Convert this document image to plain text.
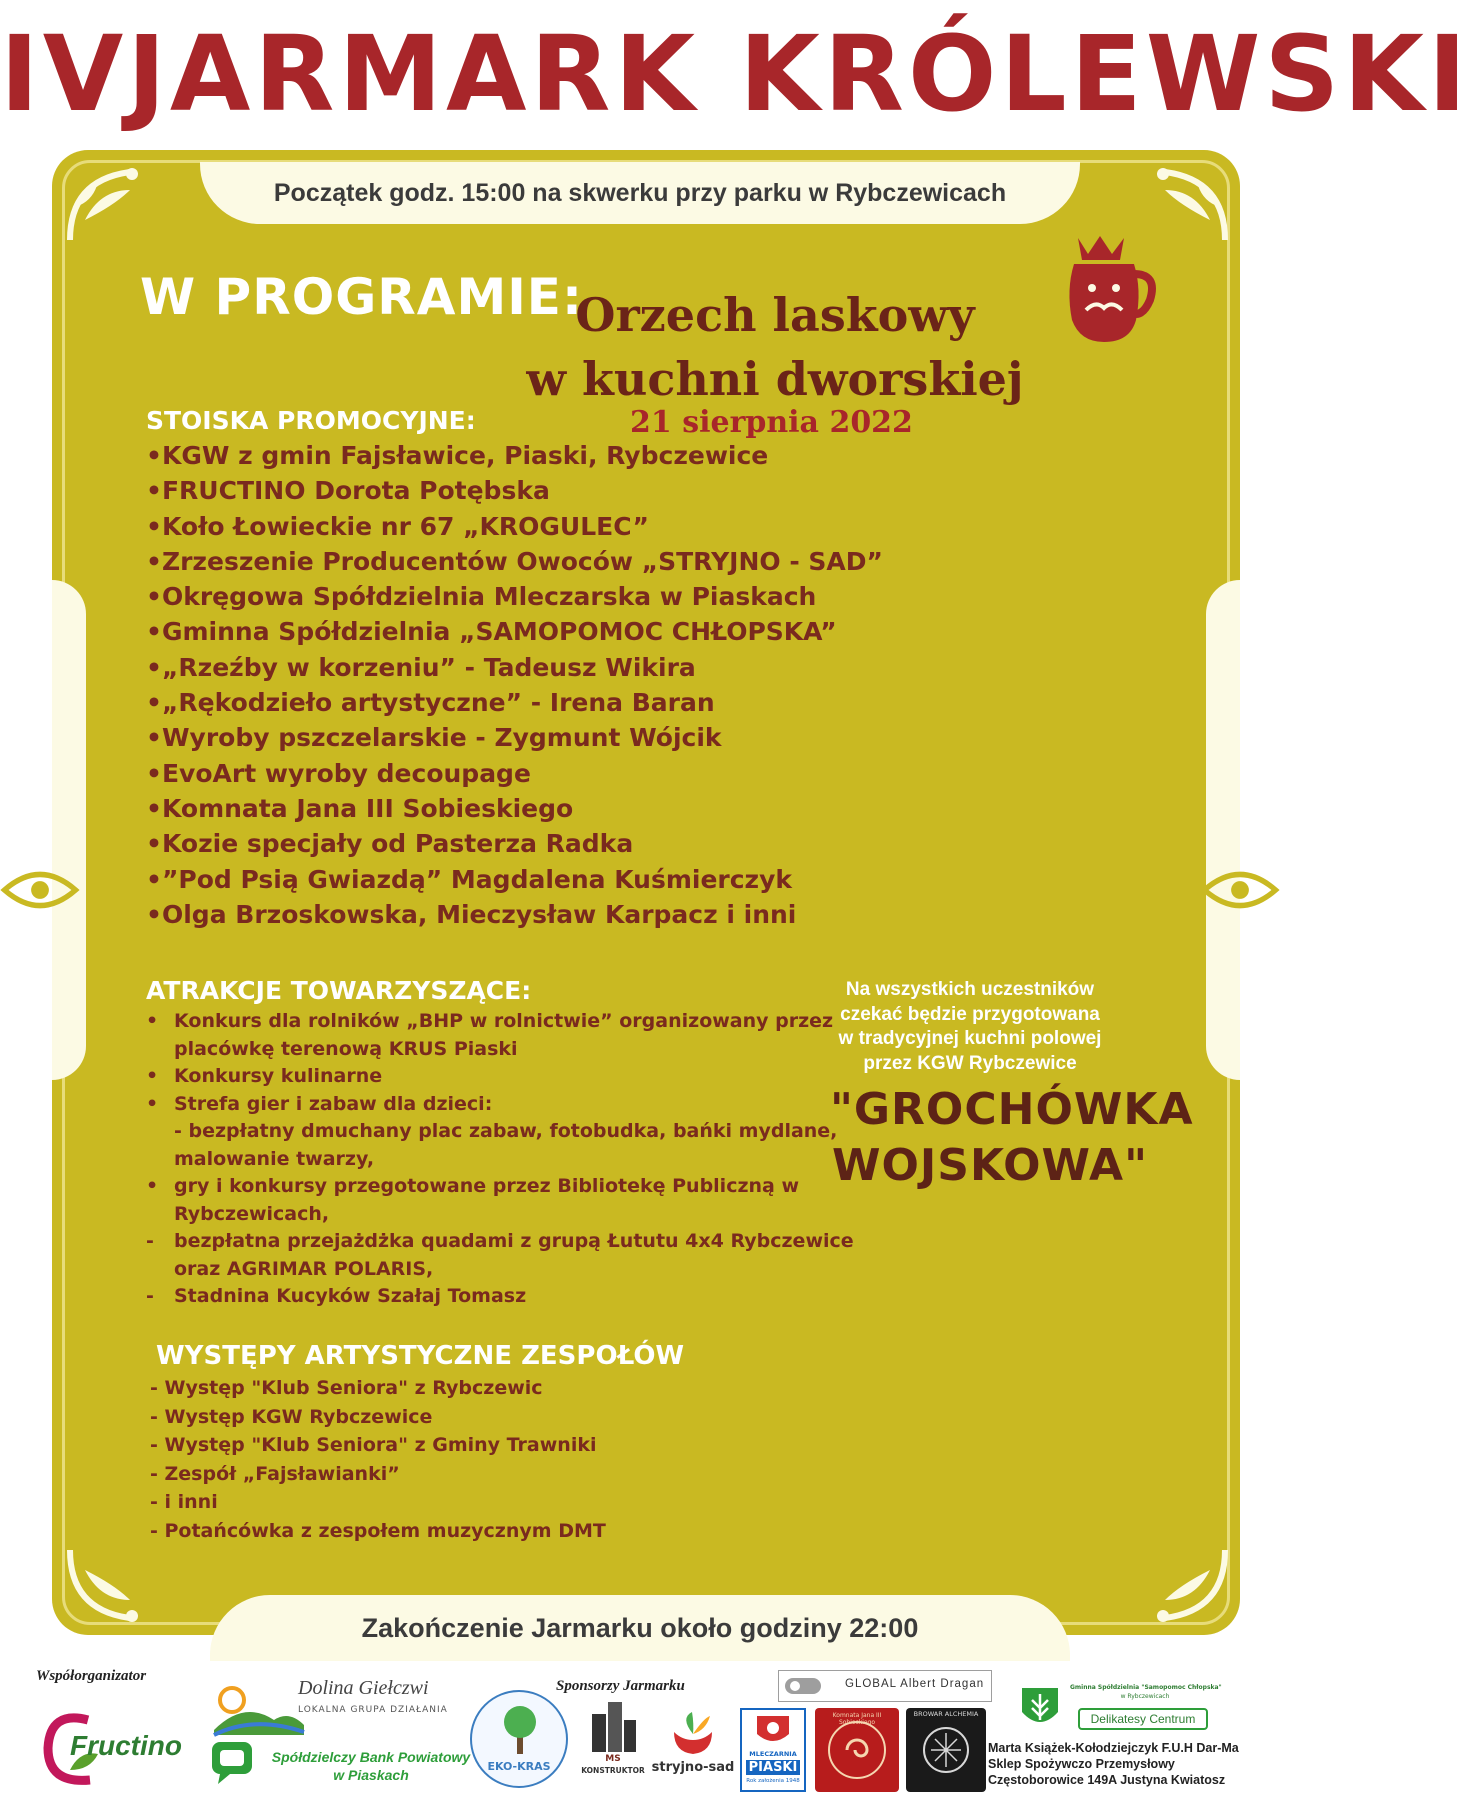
IVJARMARK KRÓLEWSKI
Początek godz. 15:00 na skwerku przy parku w Rybczewicach
Zakończenie Jarmarku około godziny 22:00
W PROGRAMIE:
Orzech laskowy
w kuchni dworskiej
21 sierpnia 2022
STOISKA PROMOCYJNE:
•KGW z gmin Fajsławice, Piaski, Rybczewice
•FRUCTINO Dorota Potębska
•Koło Łowieckie nr 67 „KROGULEC”
•Zrzeszenie Producentów Owoców „STRYJNO - SAD”
•Okręgowa Spółdzielnia Mleczarska w Piaskach
•Gminna Spółdzielnia „SAMOPOMOC CHŁOPSKA”
•„Rzeźby w korzeniu” - Tadeusz Wikira
•„Rękodzieło artystyczne” - Irena Baran
•Wyroby pszczelarskie - Zygmunt Wójcik
•EvoArt wyroby decoupage
•Komnata Jana III Sobieskiego
•Kozie specjały od Pasterza Radka
•”Pod Psią Gwiazdą” Magdalena Kuśmierczyk
•Olga Brzoskowska, Mieczysław Karpacz i inni
ATRAKCJE TOWARZYSZĄCE:
• Konkurs dla rolników „BHP w rolnictwie” organizowany przez placówkę terenową KRUS Piaski
• Konkursy kulinarne
• Strefa gier i zabaw dla dzieci:
- bezpłatny dmuchany plac zabaw, fotobudka, bańki mydlane, malowanie twarzy,
• gry i konkursy przegotowane przez Bibliotekę Publiczną w Rybczewicach,
- bezpłatna przejażdżka quadami z grupą Łututu 4x4 Rybczewice oraz AGRIMAR POLARIS,
- Stadnina Kucyków Szałaj Tomasz
Na wszystkich uczestników
czekać będzie przygotowana
w tradycyjnej kuchni polowej
przez KGW Rybczewice
"GROCHÓWKA
WOJSKOWA"
WYSTĘPY ARTYSTYCZNE ZESPOŁÓW
- Występ "Klub Seniora" z Rybczewic
- Występ KGW Rybczewice
- Występ "Klub Seniora" z Gminy Trawniki
- Zespół „Fajsławianki”
- i inni
- Potańcówka z zespołem muzycznym DMT
Współorganizator
Sponsorzy Jarmarku
Fructino
Dolina Giełczwi
LOKALNA GRUPA DZIAŁANIA
Spółdzielczy Bank Powiatowy
w Piaskach
EKO-KRAS
MS
KONSTRUKTOR stryjno-sad
MLECZARNIA
PIASKI
Rok założenia 1948
Komnata Jana III Sobieskiego
BROWAR ALCHEMIA
GLOBAL Albert Dragan	Gminna Spółdzielnia "Samopomoc Chłopska"
w Rybczewicach
Delikatesy Centrum
Marta Książek-Kołodziejczyk F.U.H Dar-Ma
Sklep Spożywczo Przemysłowy
Częstoborowice 149A Justyna Kwiatosz
